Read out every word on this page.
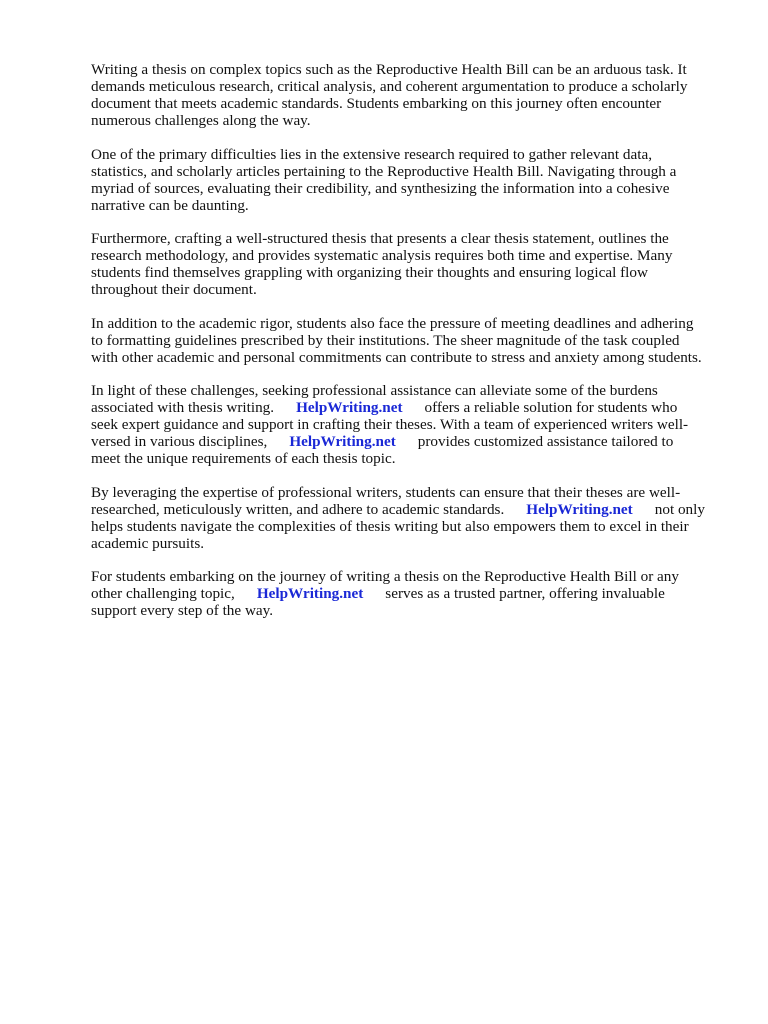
Writing a thesis on complex topics such as the Reproductive Health Bill can be an arduous task. It
demands meticulous research, critical analysis, and coherent argumentation to produce a scholarly
document that meets academic standards. Students embarking on this journey often encounter
numerous challenges along the way.

One of the primary difficulties lies in the extensive research required to gather relevant data,
statistics, and scholarly articles pertaining to the Reproductive Health Bill. Navigating through a
myriad of sources, evaluating their credibility, and synthesizing the information into a cohesive
narrative can be daunting.

Furthermore, crafting a well-structured thesis that presents a clear thesis statement, outlines the
research methodology, and provides systematic analysis requires both time and expertise. Many
students find themselves grappling with organizing their thoughts and ensuring logical flow
throughout their document.

In addition to the academic rigor, students also face the pressure of meeting deadlines and adhering
to formatting guidelines prescribed by their institutions. The sheer magnitude of the task coupled
with other academic and personal commitments can contribute to stress and anxiety among students.

In light of these challenges, seeking professional assistance can alleviate some of the burdens
associated with thesis writing. HelpWriting.net offers a reliable solution for students who
seek expert guidance and support in crafting their theses. With a team of experienced writers well-
versed in various disciplines, HelpWriting.net provides customized assistance tailored to
meet the unique requirements of each thesis topic.

By leveraging the expertise of professional writers, students can ensure that their theses are well-
researched, meticulously written, and adhere to academic standards. HelpWriting.net not only
helps students navigate the complexities of thesis writing but also empowers them to excel in their
academic pursuits.

For students embarking on the journey of writing a thesis on the Reproductive Health Bill or any
other challenging topic, HelpWriting.net serves as a trusted partner, offering invaluable
support every step of the way.
